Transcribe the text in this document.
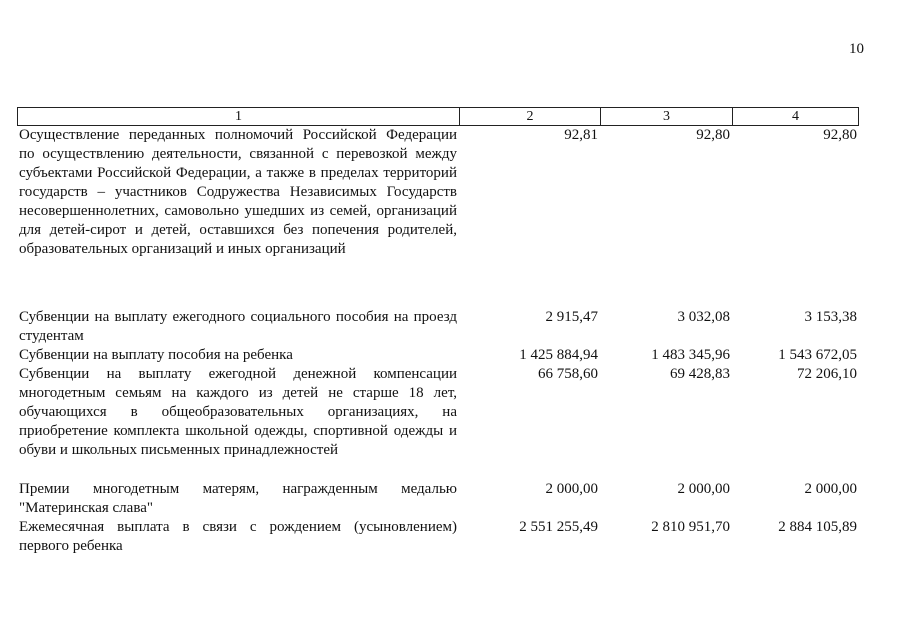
10
1	2	3	4
Осуществление переданных полномочий Российской Федерации
по осуществлению деятельности, связанной с перевозкой между
субъектами Российской Федерации, а также в пределах территорий
государств – участников Содружества Независимых Государств
несовершеннолетних, самовольно ушедших из семей, организаций
для детей-сирот и детей, оставшихся без попечения родителей,
образовательных организаций и иных организаций
92,81	92,80	92,80
Субвенции на выплату ежегодного социального пособия на проезд
студентам
2 915,47	3 032,08	3 153,38
Субвенции на выплату пособия на ребенка	1 425 884,94	1 483 345,96	1 543 672,05
Субвенции на выплату ежегодной денежной компенсации
многодетным семьям на каждого из детей не старше 18 лет,
обучающихся в общеобразовательных организациях, на
приобретение комплекта школьной одежды, спортивной одежды и
обуви и школьных письменных принадлежностей
66 758,60	69 428,83	72 206,10
Премии многодетным матерям, награжденным медалью
"Материнская слава"
2 000,00	2 000,00	2 000,00
Ежемесячная выплата в связи с рождением (усыновлением)
первого ребенка
2 551 255,49	2 810 951,70	2 884 105,89
